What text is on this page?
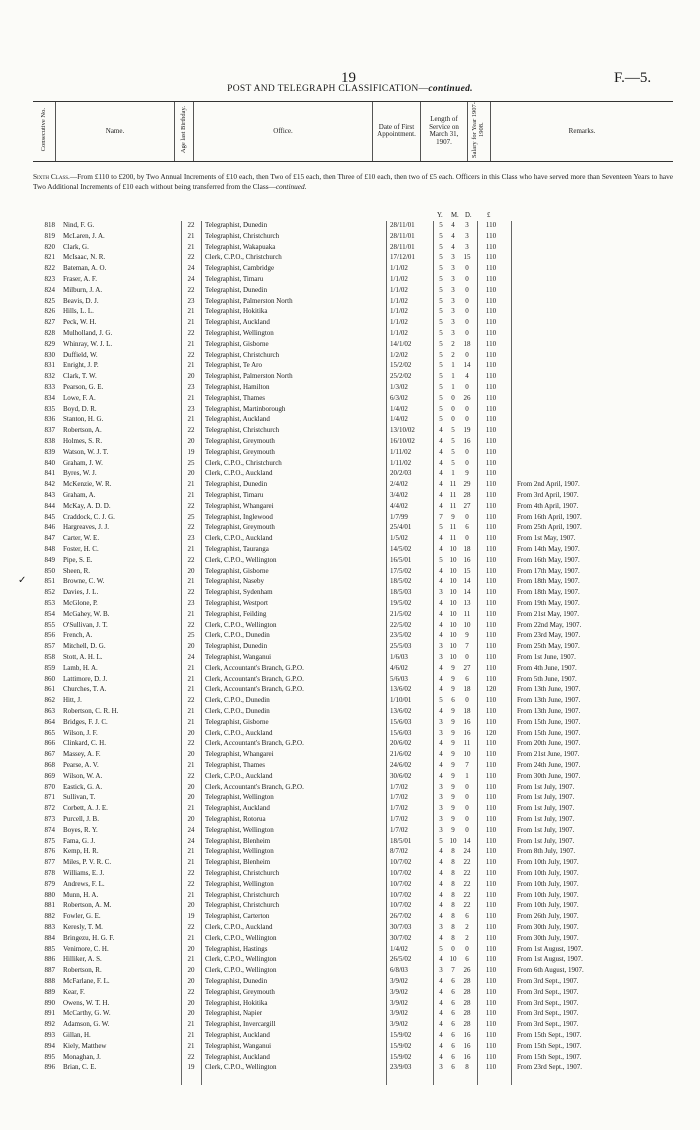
19	F.—5.
POST AND TELEGRAPH CLASSIFICATION—continued.
Consecutive No.	Name.	Age last Birthday.	Office.	Date of First Appointment.	Length of Service on March 31, 1907.	Salary for Year 1907-1908.	Remarks.
Sixth Class.—From £110 to £200, by Two Annual Increments of £10 each, then Two of £15 each, then Three of £10 each, then two of £5 each. Officers in this Class who have served more than Seventeen Years to have Two Additional Increments of £10 each without being transferred from the Class—continued.
Y. M. D. £
818 Nind, F. G.	22	Telegraphist, Dunedin	28/11/01	5	4	3	110
819 McLaren, J. A.	21	Telegraphist, Christchurch	28/11/01	5	4	3	110
820 Clark, G.	21	Telegraphist, Wakapuaka	28/11/01	5	4	3	110
821 McIsaac, N. R.	22	Clerk, C.P.O., Christchurch	17/12/01	5	3	15	110
822 Bateman, A. O.	24	Telegraphist, Cambridge	1/1/02	5	3	0	110
823 Fraser, A. F.	24	Telegraphist, Timaru	1/1/02	5	3	0	110
824 Milburn, J. A.	22	Telegraphist, Dunedin	1/1/02	5	3	0	110
825 Beavis, D. J.	23	Telegraphist, Palmerston North	1/1/02	5	3	0	110
826 Hills, L. L.	21	Telegraphist, Hokitika	1/1/02	5	3	0	110
827 Peck, W. H.	21	Telegraphist, Auckland	1/1/02	5	3	0	110
828 Mulholland, J. G.	22	Telegraphist, Wellington	1/1/02	5	3	0	110
829 Whinray, W. J. L.	21	Telegraphist, Gisborne	14/1/02	5	2	18	110
830 Duffield, W.	22	Telegraphist, Christchurch	1/2/02	5	2	0	110
831 Enright, J. P.	21	Telegraphist, Te Aro	15/2/02	5	1	14	110
832 Clark, T. W.	20	Telegraphist, Palmerston North	25/2/02	5	1	4	110
833 Pearson, G. E.	23	Telegraphist, Hamilton	1/3/02	5	1	0	110
834 Lowe, F. A.	21	Telegraphist, Thames	6/3/02	5	0	26	110
835 Boyd, D. R.	23	Telegraphist, Martinborough	1/4/02	5	0	0	110
836 Stanton, H. G.	21	Telegraphist, Auckland	1/4/02	5	0	0	110
837 Robertson, A.	22	Telegraphist, Christchurch	13/10/02	4	5	19	110
838 Holmes, S. R.	20	Telegraphist, Greymouth	16/10/02	4	5	16	110
839 Watson, W. J. T.	19	Telegraphist, Greymouth	1/11/02	4	5	0	110
840 Graham, J. W.	25	Clerk, C.P.O., Christchurch	1/11/02	4	5	0	110
841 Byres, W. J.	20	Clerk, C.P.O., Auckland	20/2/03	4	1	9	110
842 McKenzie, W. R.	21	Telegraphist, Dunedin	2/4/02	4 11	29	110	From 2nd April, 1907.
843 Graham, A.	21	Telegraphist, Timaru	3/4/02	4 11	28	110	From 3rd April, 1907.
844 McKay, A. D. D.	22	Telegraphist, Whangarei	4/4/02	4 11	27	110	From 4th April, 1907.
845 Craddock, C. J. G.	25	Telegraphist, Inglewood	1/7/99	7	9	0	110	From 16th April, 1907.
846 Hargreaves, J. J.	22	Telegraphist, Greymouth	25/4/01	5 11	6	110	From 25th April, 1907.
847 Carter, W. E.	23	Clerk, C.P.O., Auckland	1/5/02	4 11	0	110	From 1st May, 1907.
848 Foster, H. C.	21	Telegraphist, Tauranga	14/5/02	4 10	18	110	From 14th May, 1907.
849 Pipe, S. E.	22	Clerk, C.P.O., Wellington	16/5/01	5 10	16	110	From 16th May, 1907.
850 Sheen, R.	20	Telegraphist, Gisborne	17/5/02	4 10	15	110	From 17th May, 1907.
851 Browne, C. W.	21	Telegraphist, Naseby	18/5/02	4 10	14	110	From 18th May, 1907.
852 Davies, J. L.	22	Telegraphist, Sydenham	18/5/03	3 10	14	110	From 18th May, 1907.
853 McGlone, P.	23	Telegraphist, Westport	19/5/02	4 10	13	110	From 19th May, 1907.
854 McGahey, W. B.	21	Telegraphist, Feilding	21/5/02	4 10	11	110	From 21st May, 1907.
855 O'Sullivan, J. T.	22	Clerk, C.P.O., Wellington	22/5/02	4 10	10	110	From 22nd May, 1907.
856 French, A.	25	Clerk, C.P.O., Dunedin	23/5/02	4 10	9	110	From 23rd May, 1907.
857 Mitchell, D. G.	20	Telegraphist, Dunedin	25/5/03	3 10	7	110	From 25th May, 1907.
858 Stott, A. H. L.	24	Telegraphist, Wanganui	1/6/03	3 10	0	110	From 1st June, 1907.
859 Lamb, H. A.	21	Clerk, Accountant's Branch, G.P.O.	4/6/02	4	9	27	110	From 4th June, 1907.
860 Lattimore, D. J.	21	Clerk, Accountant's Branch, G.P.O.	5/6/03	4	9	6	110	From 5th June, 1907.
861 Churches, T. A.	21	Clerk, Accountant's Branch, G.P.O.	13/6/02	4	9	18	120	From 13th June, 1907.
862 Hitt, J.	22	Clerk, C.P.O., Dunedin	1/10/01	5	6	0	110	From 13th June, 1907.
863 Robertson, C. R. H.	21	Clerk, C.P.O., Dunedin	13/6/02	4	9	18	110	From 13th June, 1907.
864 Bridges, F. J. C.	21	Telegraphist, Gisborne	15/6/03	3	9	16	110	From 15th June, 1907.
865 Wilson, J. F.	20	Clerk, C.P.O., Auckland	15/6/03	3	9	16	120	From 15th June, 1907.
866 Clinkard, C. H.	22	Clerk, Accountant's Branch, G.P.O.	20/6/02	4	9	11	110	From 20th June, 1907.
867 Massey, A. F.	20	Telegraphist, Whangarei	21/6/02	4	9	10	110	From 21st June, 1907.
868 Pearse, A. V.	21	Telegraphist, Thames	24/6/02	4	9	7	110	From 24th June, 1907.
869 Wilson, W. A.	22	Clerk, C.P.O., Auckland	30/6/02	4	9	1	110	From 30th June, 1907.
870 Eastick, G. A.	20	Clerk, Accountant's Branch, G.P.O.	1/7/02	3	9	0	110	From 1st July, 1907.
871 Sullivan, T.	20	Telegraphist, Wellington	1/7/02	3	9	0	110	From 1st July, 1907.
872 Corbett, A. J. E.	21	Telegraphist, Auckland	1/7/02	3	9	0	110	From 1st July, 1907.
873 Purcell, J. B.	20	Telegraphist, Rotorua	1/7/02	3	9	0	110	From 1st July, 1907.
874 Boyes, R. Y.	24	Telegraphist, Wellington	1/7/02	3	9	0	110	From 1st July, 1907.
875 Fama, G. J.	24	Telegraphist, Blenheim	18/5/01	5 10	14	110	From 1st July, 1907.
876 Kemp, H. R.	21	Telegraphist, Wellington	8/7/02	4	8	24	110	From 8th July, 1907.
877 Miles, P. V. R. C.	21	Telegraphist, Blenheim	10/7/02	4	8	22	110	From 10th July, 1907.
878 Williams, E. J.	22	Telegraphist, Christchurch	10/7/02	4	8	22	110	From 10th July, 1907.
879 Andrews, F. L.	22	Telegraphist, Wellington	10/7/02	4	8	22	110	From 10th July, 1907.
880 Munn, H. A.	21	Telegraphist, Christchurch	10/7/02	4	8	22	110	From 10th July, 1907.
881 Robertson, A. M.	20	Telegraphist, Christchurch	10/7/02	4	8	22	110	From 10th July, 1907.
882 Fowler, G. E.	19	Telegraphist, Carterton	26/7/02	4	8	6	110	From 26th July, 1907.
883 Keresly, T. M.	22	Clerk, C.P.O., Auckland	30/7/03	3	8	2	110	From 30th July, 1907.
884 Bringezu, H. G. F.	21	Clerk, C.P.O., Wellington	30/7/02	4	8	2	110	From 30th July, 1907.
885 Venimore, C. H.	20	Telegraphist, Hastings	1/4/02	5	0	0	110	From 1st August, 1907.
886 Hilliker, A. S.	21	Clerk, C.P.O., Wellington	26/5/02	4 10	6	110	From 1st August, 1907.
887 Robertson, R.	20	Clerk, C.P.O., Wellington	6/8/03	3	7	26	110	From 6th August, 1907.
888 McFarlane, F. L.	20	Telegraphist, Dunedin	3/9/02	4	6	28	110	From 3rd Sept., 1907.
889 Kear, F.	22	Telegraphist, Greymouth	3/9/02	4	6	28	110	From 3rd Sept., 1907.
890 Owens, W. T. H.	20	Telegraphist, Hokitika	3/9/02	4	6	28	110	From 3rd Sept., 1907.
891 McCarthy, G. W.	20	Telegraphist, Napier	3/9/02	4	6	28	110	From 3rd Sept., 1907.
892 Adamson, G. W.	21	Telegraphist, Invercargill	3/9/02	4	6	28	110	From 3rd Sept., 1907.
893 Gillan, H.	21	Telegraphist, Auckland	15/9/02	4	6	16	110	From 15th Sept., 1907.
894 Kiely, Matthew	21	Telegraphist, Wanganui	15/9/02	4	6	16	110	From 15th Sept., 1907.
895 Monaghan, J.	22	Telegraphist, Auckland	15/9/02	4	6	16	110	From 15th Sept., 1907.
896 Brian, C. E.	19	Clerk, C.P.O., Wellington	23/9/03	3	6	8	110	From 23rd Sept., 1907.
✓
